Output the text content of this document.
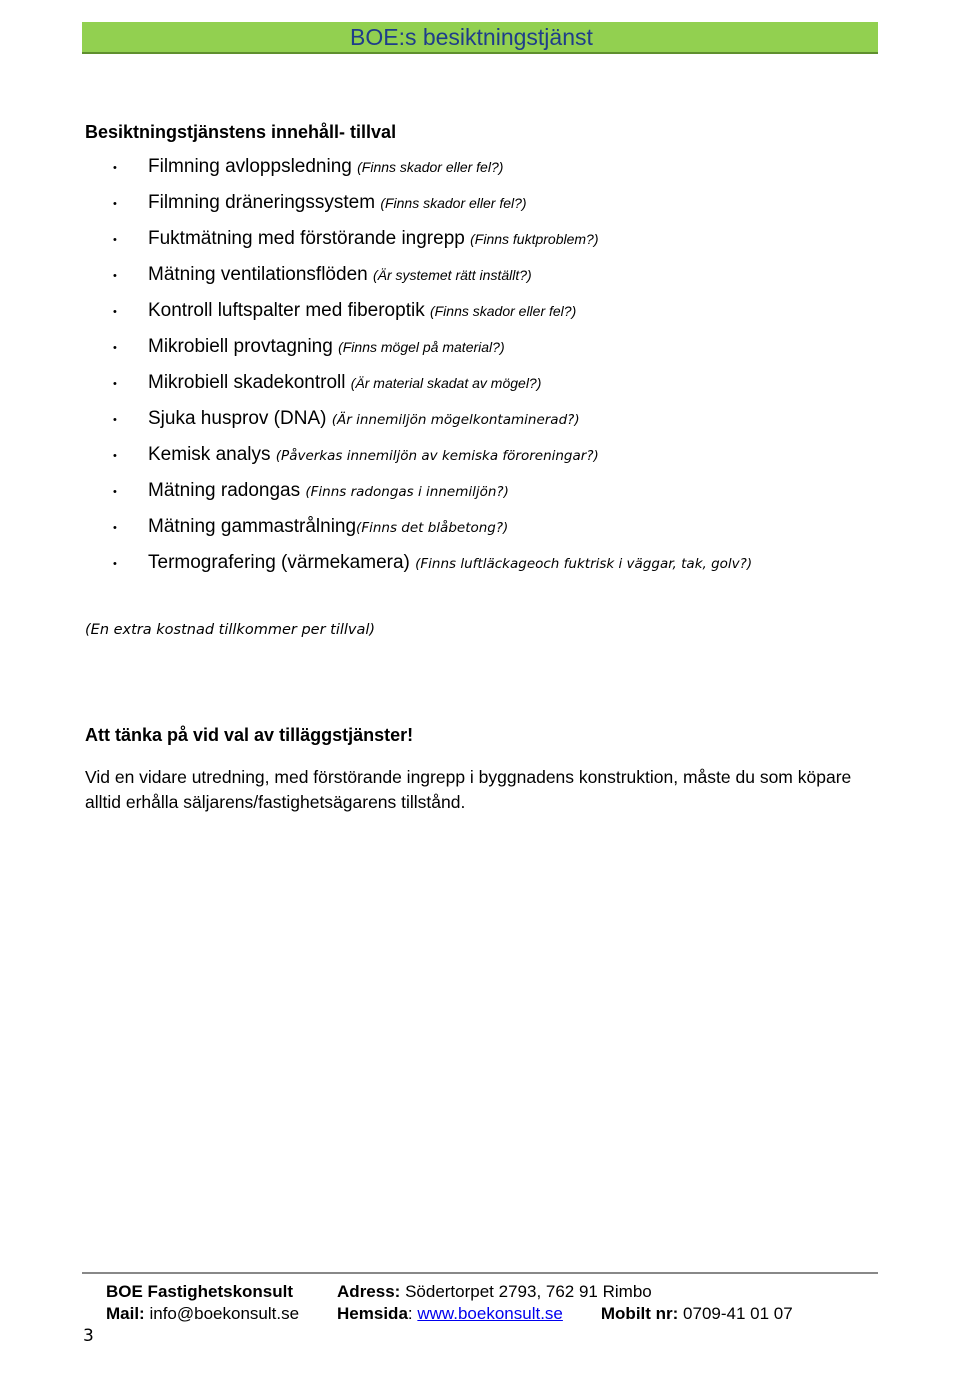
BOE:s besiktningstjänst
Besiktningstjänstens innehåll- tillval
• Filmning avloppsledning (Finns skador eller fel?)
• Filmning dräneringssystem (Finns skador eller fel?)
• Fuktmätning med förstörande ingrepp (Finns fuktproblem?)
• Mätning ventilationsflöden (Är systemet rätt inställt?)
• Kontroll luftspalter med fiberoptik (Finns skador eller fel?)
• Mikrobiell provtagning (Finns mögel på material?)
• Mikrobiell skadekontroll (Är material skadat av mögel?)
• Sjuka husprov (DNA) (Är innemiljön mögelkontaminerad?)
• Kemisk analys (Påverkas innemiljön av kemiska föroreningar?)
• Mätning radongas (Finns radongas i innemiljön?)
• Mätning gammastrålning(Finns det blåbetong?)
• Termografering (värmekamera) (Finns luftläckageoch fuktrisk i väggar, tak, golv?)
(En extra kostnad tillkommer per tillval)
Att tänka på vid val av tilläggstjänster!
Vid en vidare utredning, med förstörande ingrepp i byggnadens konstruktion, måste du som köpare alltid erhålla säljarens/fastighetsägarens tillstånd.
BOE Fastighetskonsult	Adress: Södertorpet 2793, 762 91 Rimbo
Mail: info@boekonsult.se Hemsida: www.boekonsult.se Mobilt nr: 0709-41 01 07
3
